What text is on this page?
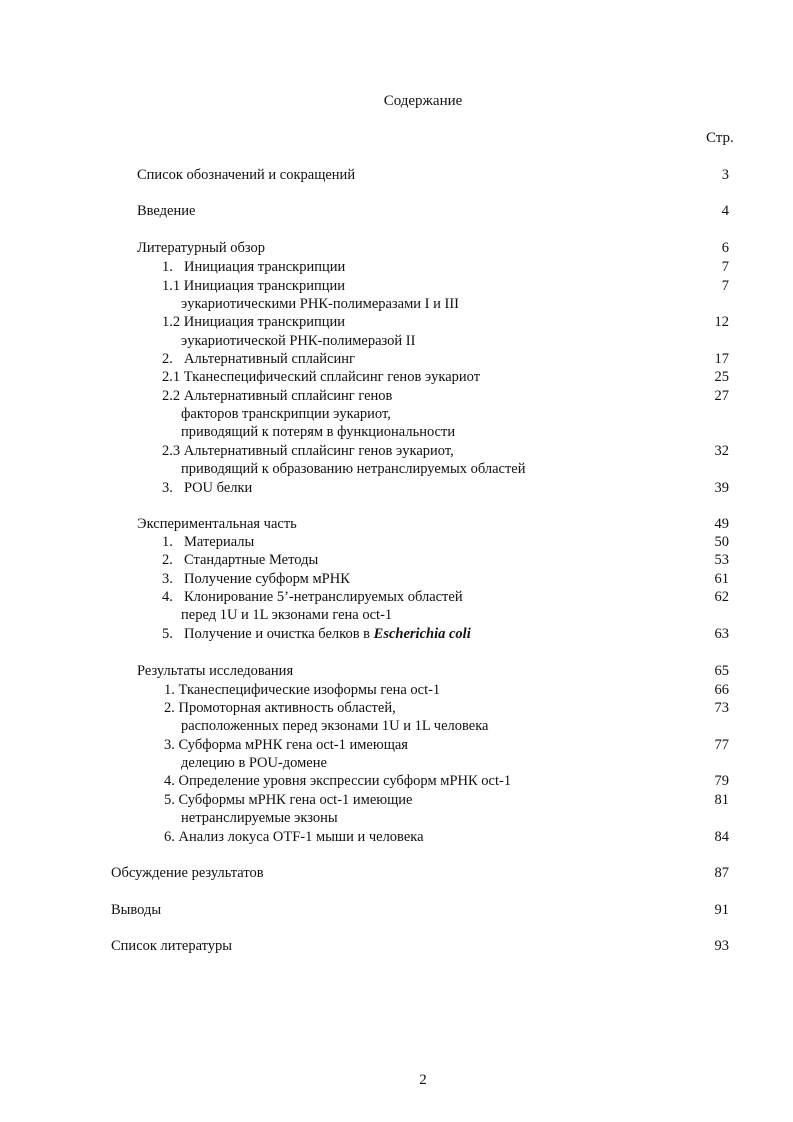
Содержание
Стр.
Список обозначений и сокращений	3
Введение	4
Литературный обзор	6
1. Инициация транскрипции	7
1.1 Инициация транскрипции	7
эукариотическими РНК-полимеразами I и III
1.2 Инициация транскрипции	12
эукариотической РНК-полимеразой II
2. Альтернативный сплайсинг	17
2.1 Тканеспецифический сплайсинг генов эукариот	25
2.2 Альтернативный сплайсинг генов	27
факторов транскрипции эукариот,
приводящий к потерям в функциональности
2.3 Альтернативный сплайсинг генов эукариот,	32
приводящий к образованию нетранслируемых областей
3. POU белки	39
Экспериментальная часть	49
1. Материалы	50
2. Стандартные Методы	53
3. Получение субформ мРНК	61
4. Клонирование 5’-нетранслируемых областей	62
перед 1U и 1L экзонами гена oct-1
5. Получение и очистка белков в Escherichia coli	63
Результаты исследования	65
1. Тканеспецифические изоформы гена oct-1	66
2. Промоторная активность областей,	73
расположенных перед экзонами 1U и 1L человека
3. Субформа мРНК гена oct-1 имеющая	77
делецию в POU-домене
4. Определение уровня экспрессии субформ мРНК oct-1	79
5. Субформы мРНК гена oct-1 имеющие	81
нетранслируемые экзоны
6. Анализ локуса OTF-1 мыши и человека	84
Обсуждение результатов	87
Выводы	91
Список литературы	93
2
